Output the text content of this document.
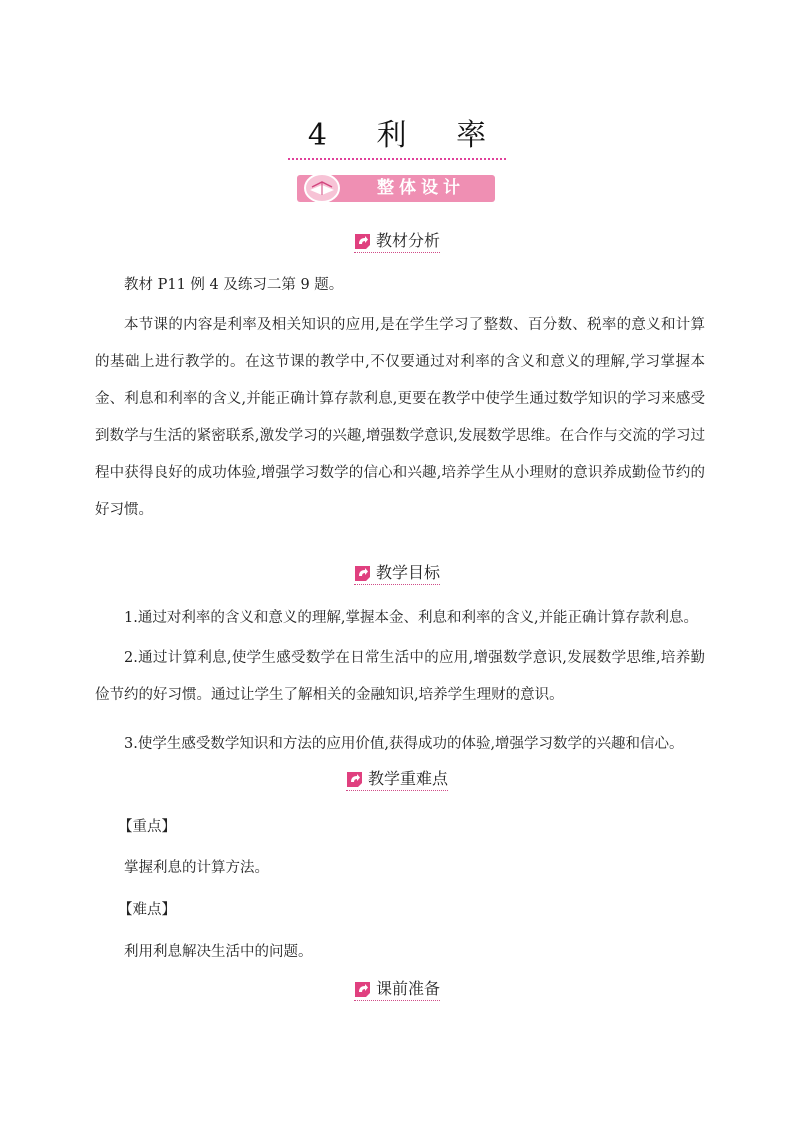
4 利 率
整体设计
教材分析
教材 P11 例 4 及练习二第 9 题。
本节课的内容是利率及相关知识的应用,是在学生学习了整数、百分数、税率的意义和计算的基础上进行教学的。在这节课的教学中,不仅要通过对利率的含义和意义的理解,学习掌握本金、利息和利率的含义,并能正确计算存款利息,更要在教学中使学生通过数学知识的学习来感受到数学与生活的紧密联系,激发学习的兴趣,增强数学意识,发展数学思维。在合作与交流的学习过程中获得良好的成功体验,增强学习数学的信心和兴趣,培养学生从小理财的意识养成勤俭节约的好习惯。
教学目标
1.通过对利率的含义和意义的理解,掌握本金、利息和利率的含义,并能正确计算存款利息。
2.通过计算利息,使学生感受数学在日常生活中的应用,增强数学意识,发展数学思维,培养勤俭节约的好习惯。通过让学生了解相关的金融知识,培养学生理财的意识。
3.使学生感受数学知识和方法的应用价值,获得成功的体验,增强学习数学的兴趣和信心。
教学重难点
【重点】
掌握利息的计算方法。
【难点】
利用利息解决生活中的问题。
课前准备
